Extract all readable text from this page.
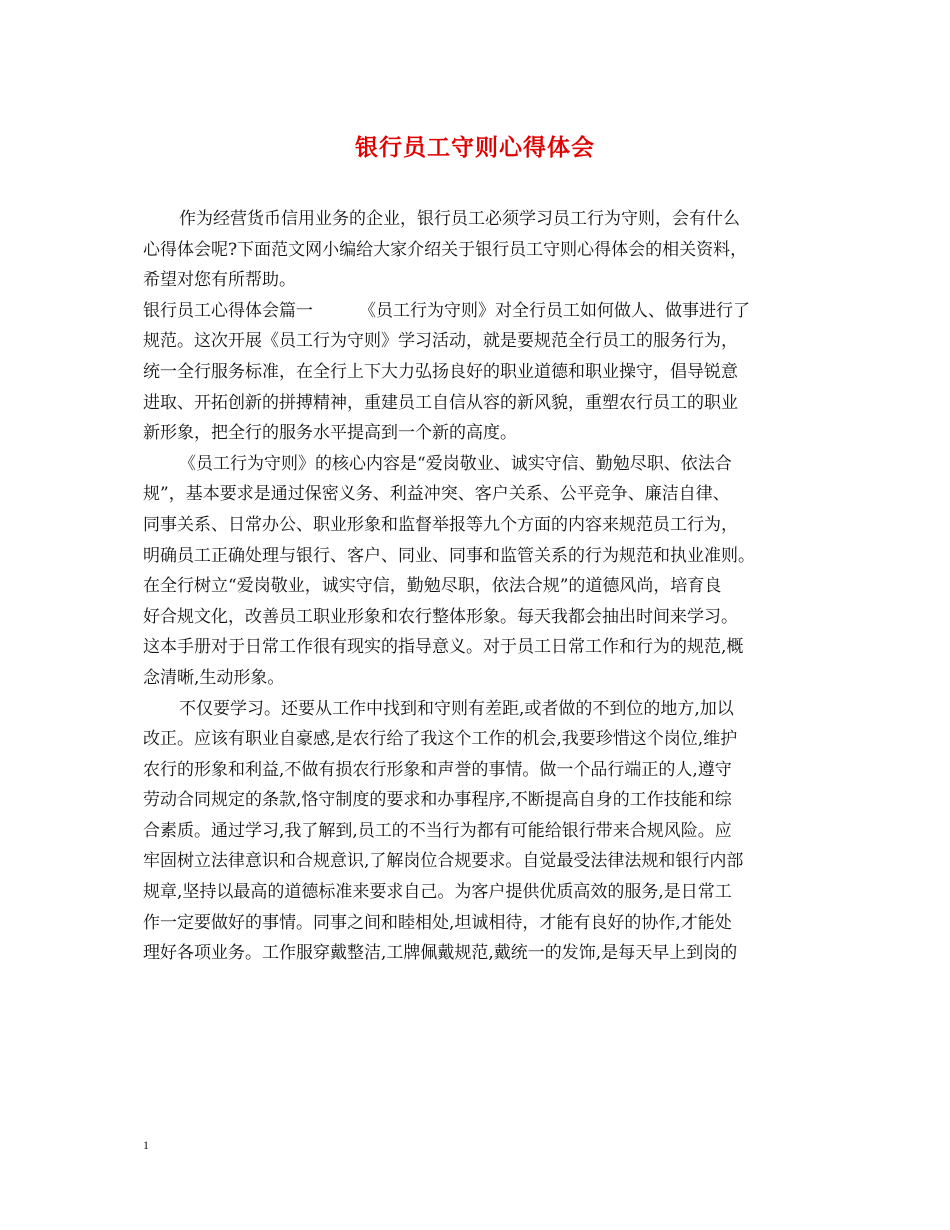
银行员工守则心得体会
作为经营货币信用业务的企业，银行员工必须学习员工行为守则，会有什么
心得体会呢?下面范文网小编给大家介绍关于银行员工守则心得体会的相关资料，
希望对您有所帮助。
银行员工心得体会篇一	《员工行为守则》对全行员工如何做人、做事进行了
规范。这次开展《员工行为守则》学习活动，就是要规范全行员工的服务行为，
统一全行服务标准，在全行上下大力弘扬良好的职业道德和职业操守，倡导锐意
进取、开拓创新的拼搏精神，重建员工自信从容的新风貌，重塑农行员工的职业
新形象，把全行的服务水平提高到一个新的高度。
《员工行为守则》的核心内容是“爱岗敬业、诚实守信、勤勉尽职、依法合
规”，基本要求是通过保密义务、利益冲突、客户关系、公平竞争、廉洁自律、
同事关系、日常办公、职业形象和监督举报等九个方面的内容来规范员工行为，
明确员工正确处理与银行、客户、同业、同事和监管关系的行为规范和执业准则。
在全行树立“爱岗敬业，诚实守信，勤勉尽职，依法合规”的道德风尚，培育良
好合规文化，改善员工职业形象和农行整体形象。每天我都会抽出时间来学习。
这本手册对于日常工作很有现实的指导意义。对于员工日常工作和行为的规范,概
念清晰,生动形象。
不仅要学习。还要从工作中找到和守则有差距,或者做的不到位的地方,加以
改正。应该有职业自豪感,是农行给了我这个工作的机会,我要珍惜这个岗位,维护
农行的形象和利益,不做有损农行形象和声誉的事情。做一个品行端正的人,遵守
劳动合同规定的条款,恪守制度的要求和办事程序,不断提高自身的工作技能和综
合素质。通过学习,我了解到,员工的不当行为都有可能给银行带来合规风险。应
牢固树立法律意识和合规意识,了解岗位合规要求。自觉最受法律法规和银行内部
规章,坚持以最高的道德标准来要求自己。为客户提供优质高效的服务,是日常工
作一定要做好的事情。同事之间和睦相处,坦诚相待，才能有良好的协作,才能处
理好各项业务。工作服穿戴整洁,工牌佩戴规范,戴统一的发饰,是每天早上到岗的
1
